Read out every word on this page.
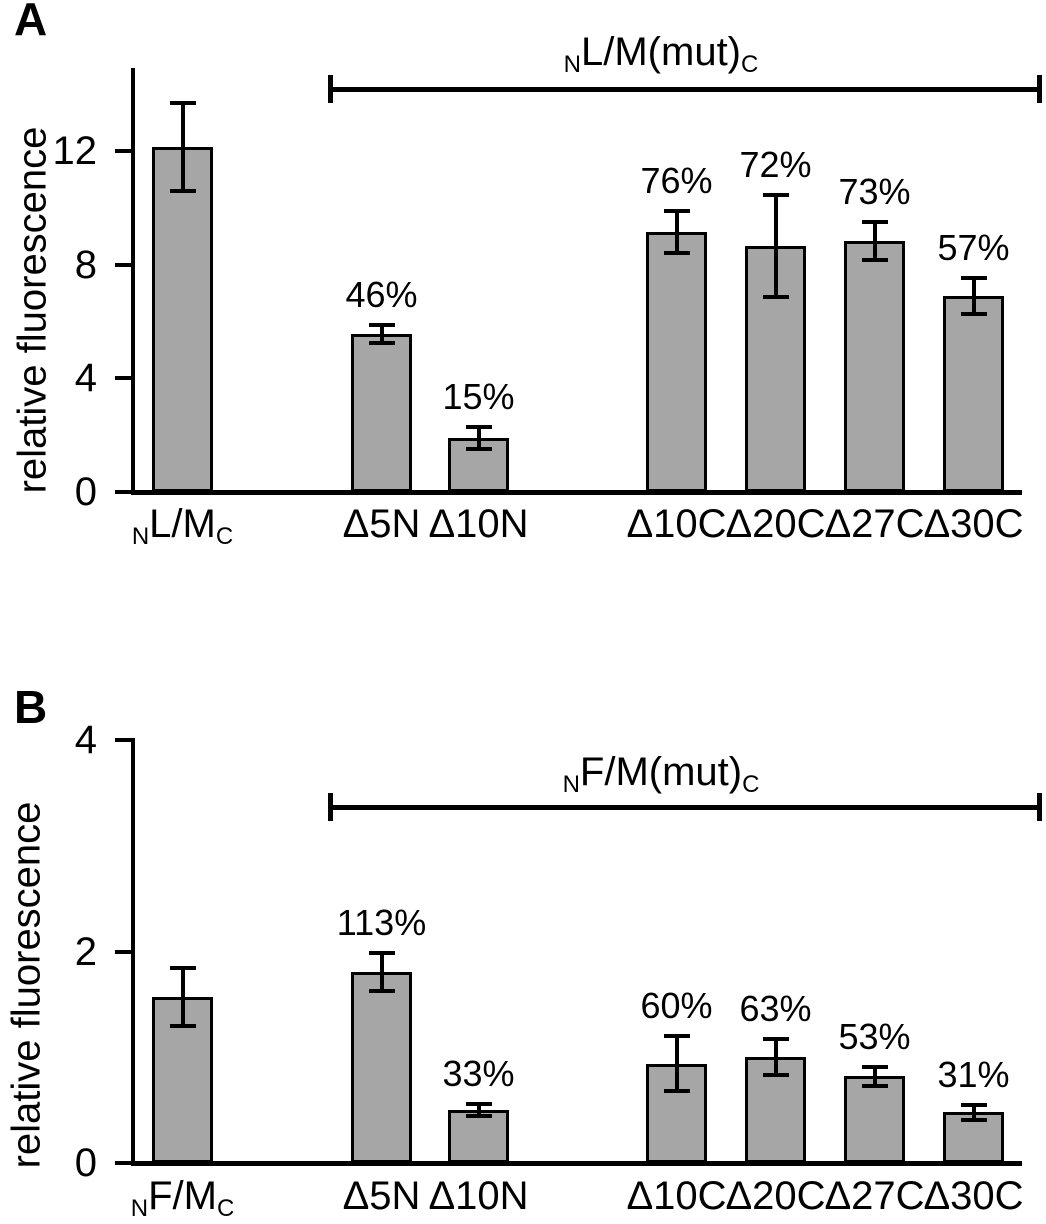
A
B
relative fluorescence
relative fluorescence
0
4
8
12
$_NL/M_C$
46%
Δ5N
15%
Δ10N
76%
Δ10C
72%
Δ20C
73%
Δ27C
57%
Δ30C
$_NL/M(mut)_C$
0
2
4
$_NF/M_C$
113%
Δ5N
33%
Δ10N
60%
Δ10C
63%
Δ20C
53%
Δ27C
31%
Δ30C
$_NF/M(mut)_C$
